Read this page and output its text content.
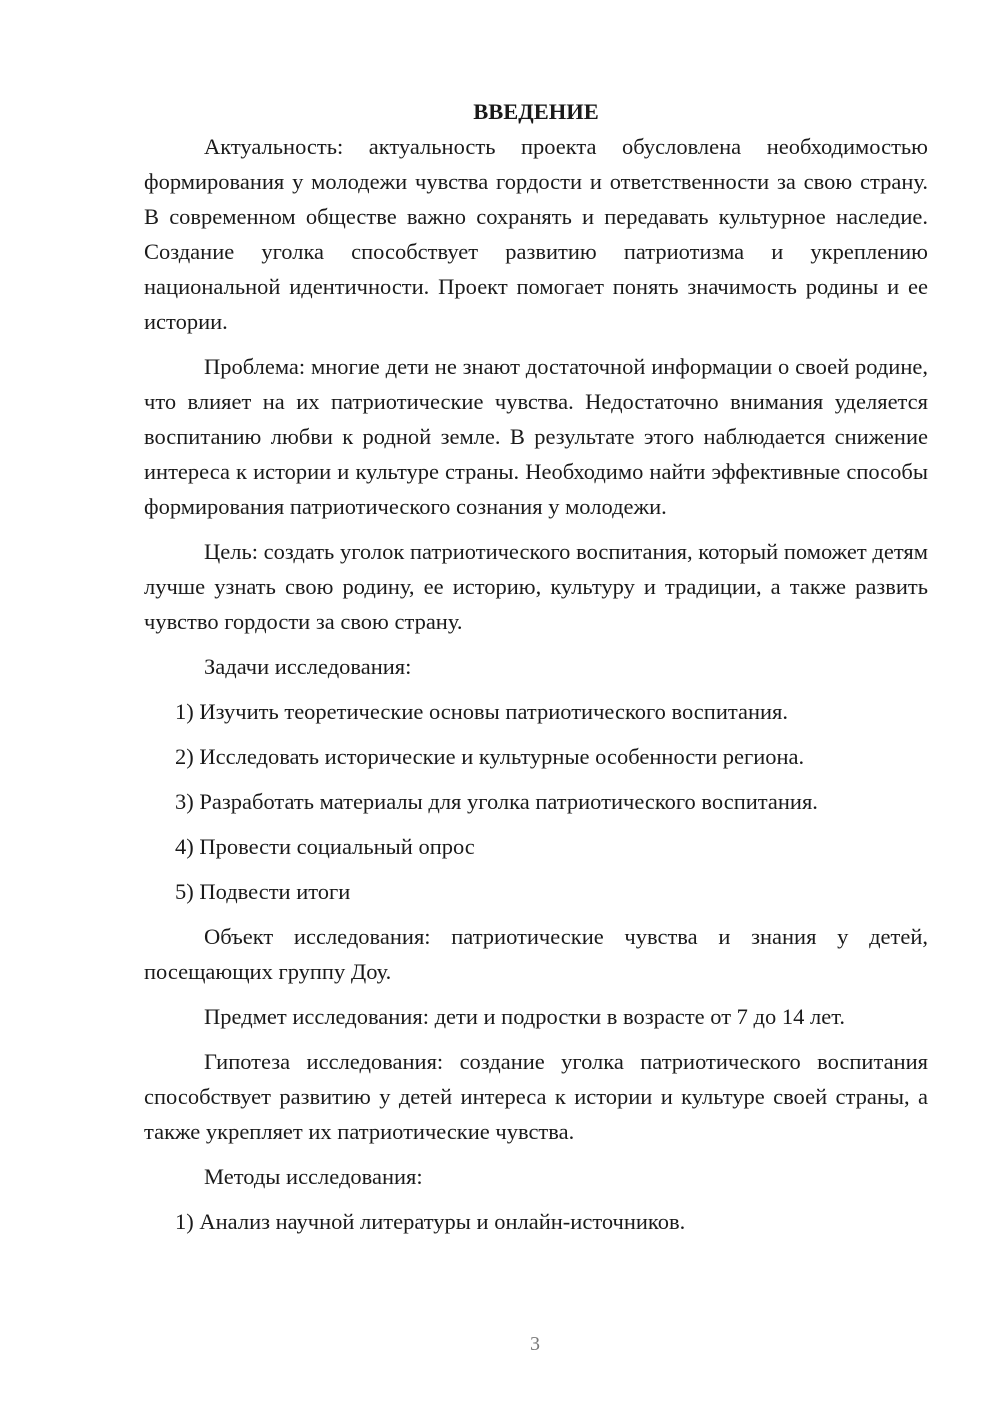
ВВЕДЕНИЕ

Актуальность: актуальность проекта обусловлена необходимостью формирования у молодежи чувства гордости и ответственности за свою страну. В современном обществе важно сохранять и передавать культурное наследие. Создание уголка способствует развитию патриотизма и укреплению национальной идентичности. Проект помогает понять значимость родины и ее истории.

Проблема: многие дети не знают достаточной информации о своей родине, что влияет на их патриотические чувства. Недостаточно внимания уделяется воспитанию любви к родной земле. В результате этого наблюдается снижение интереса к истории и культуре страны. Необходимо найти эффективные способы формирования патриотического сознания у молодежи.

Цель: создать уголок патриотического воспитания, который поможет детям лучше узнать свою родину, ее историю, культуру и традиции, а также развить чувство гордости за свою страну.

Задачи исследования:

1) Изучить теоретические основы патриотического воспитания.

2) Исследовать исторические и культурные особенности региона.

3) Разработать материалы для уголка патриотического воспитания.

4) Провести социальный опрос

5) Подвести итоги

Объект исследования: патриотические чувства и знания у детей, посещающих группу Доу.

Предмет исследования: дети и подростки в возрасте от 7 до 14 лет.

Гипотеза исследования: создание уголка патриотического воспитания способствует развитию у детей интереса к истории и культуре своей страны, а также укрепляет их патриотические чувства.

Методы исследования:

1) Анализ научной литературы и онлайн-источников.

3
